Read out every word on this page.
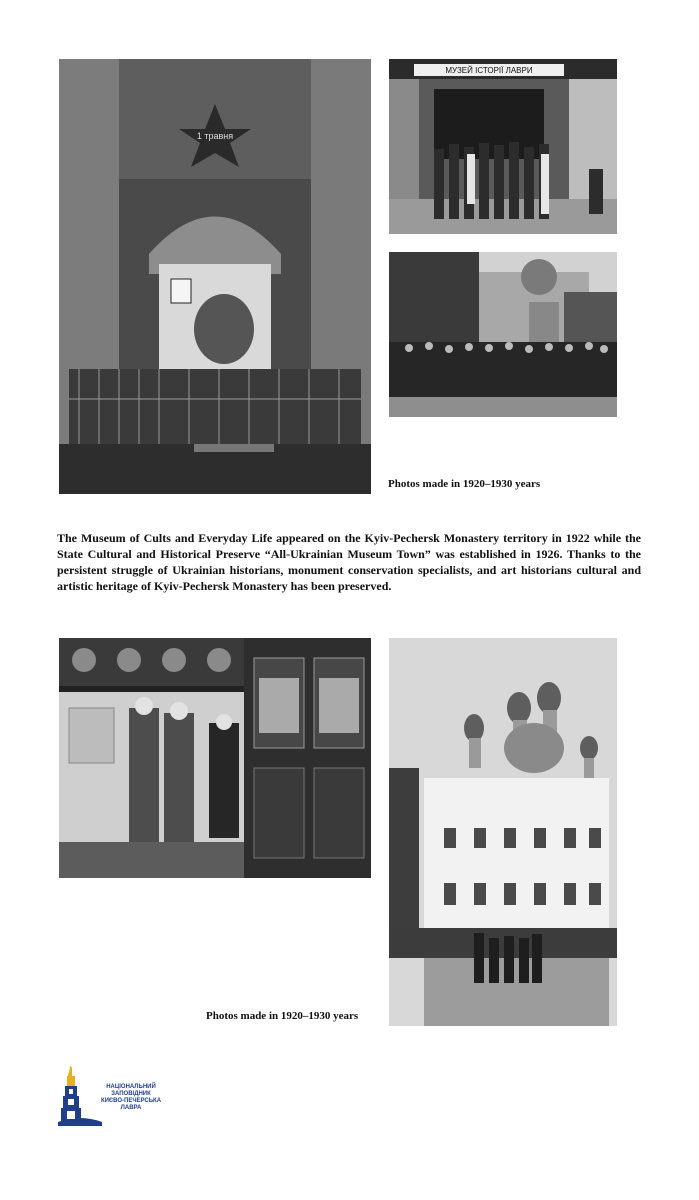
1 травня
МУЗЕЙ ІСТОРІЇ ЛАВРИ
Photos made in 1920–1930 years

The Museum of Cults and Everyday Life appeared on the Kyiv-Pechersk Monastery territory in 1922 while the State Cultural and Historical Preserve “All-Ukrainian Museum Town” was established in 1926. Thanks to the persistent struggle of Ukrainian historians, monument conservation specialists, and art historians cultural and artistic heritage of Kyiv-Pechersk Monastery has been preserved.

Photos made in 1920–1930 years
НАЦІОНАЛЬНИЙ
ЗАПОВІДНИК
КИЄВО-ПЕЧЕРСЬКА
ЛАВРА
